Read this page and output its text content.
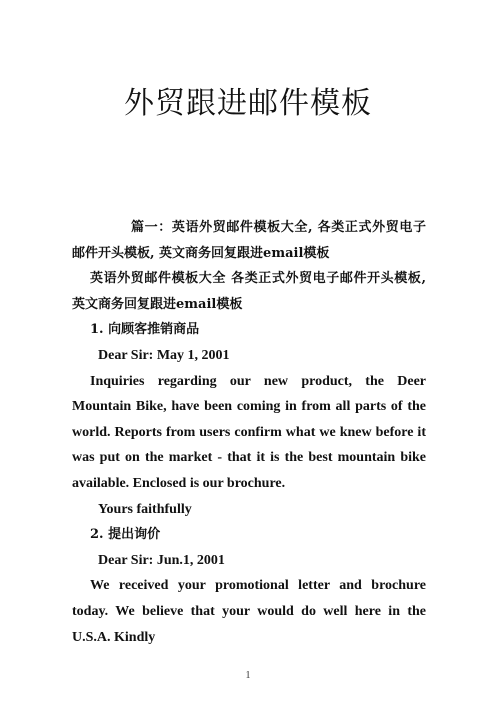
外贸跟进邮件模板

篇一：英语外贸邮件模板大全, 各类正式外贸电子邮件开头模板, 英文商务回复跟进email模板

英语外贸邮件模板大全 各类正式外贸电子邮件开头模板, 英文商务回复跟进email模板

1. 向顾客推销商品

Dear Sir: May 1, 2001

Inquiries regarding our new product, the Deer Mountain Bike, have been coming in from all parts of the world. Reports from users confirm what we knew before it was put on the market - that it is the best mountain bike available. Enclosed is our brochure.

Yours faithfully

2. 提出询价

Dear Sir: Jun.1, 2001

We received your promotional letter and brochure today. We believe that your would do well here in the U.S.A. Kindly

1
